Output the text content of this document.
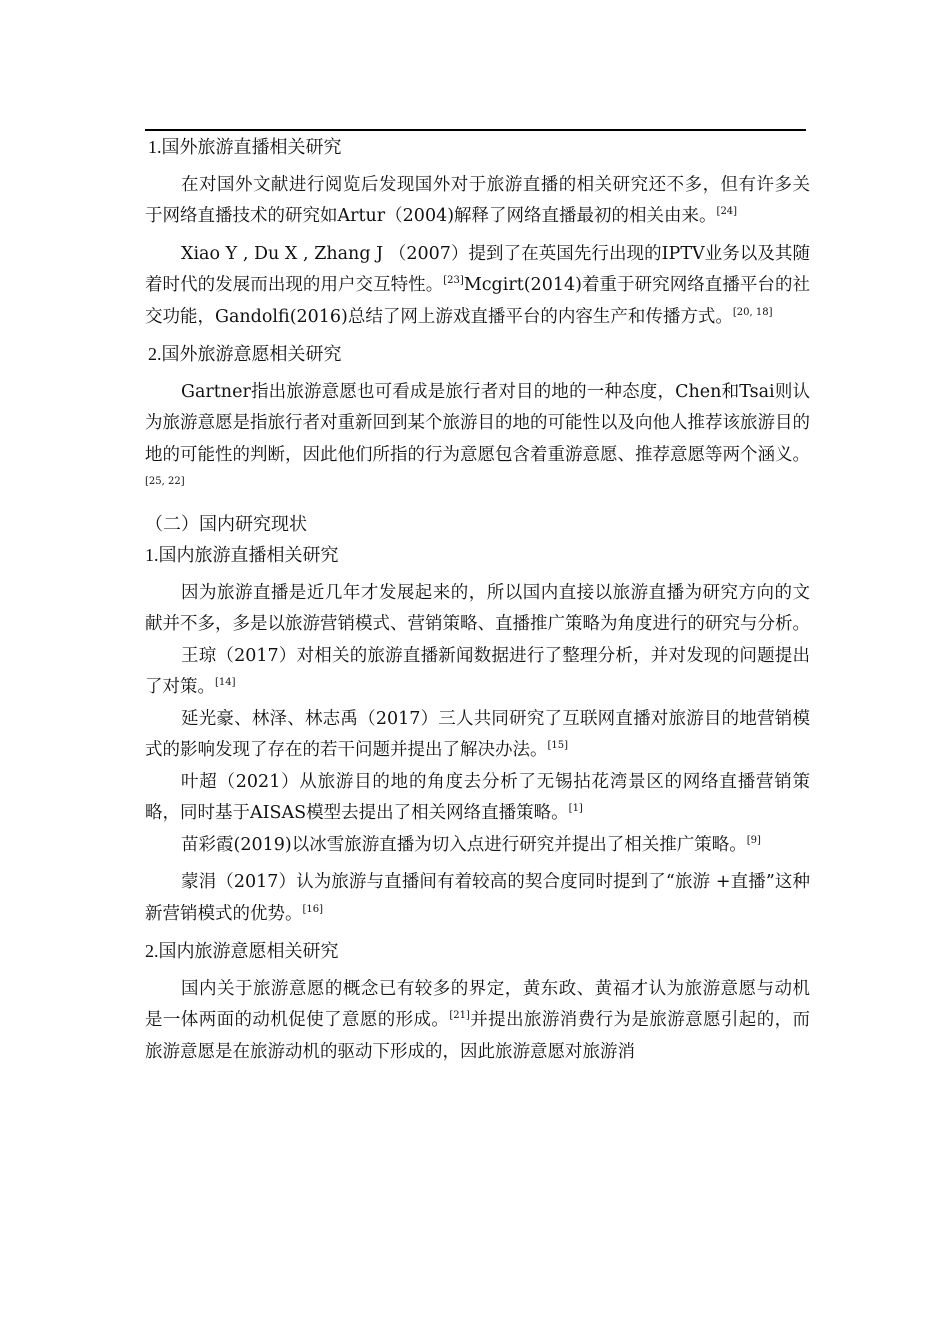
1.国外旅游直播相关研究

在对国外文献进行阅览后发现国外对于旅游直播的相关研究还不多，但有许多关于网络直播技术的研究如Artur（2004)解释了网络直播最初的相关由来。[24]

Xiao Y , Du X , Zhang J （2007）提到了在英国先行出现的IPTV业务以及其随着时代的发展而出现的用户交互特性。[23]Mcgirt(2014)着重于研究网络直播平台的社交功能，Gandolfi(2016)总结了网上游戏直播平台的内容生产和传播方式。[20, 18]

2.国外旅游意愿相关研究

Gartner指出旅游意愿也可看成是旅行者对目的地的一种态度，Chen和Tsai则认为旅游意愿是指旅行者对重新回到某个旅游目的地的可能性以及向他人推荐该旅游目的地的可能性的判断，因此他们所指的行为意愿包含着重游意愿、推荐意愿等两个涵义。[25, 22]

（二）国内研究现状

1.国内旅游直播相关研究

因为旅游直播是近几年才发展起来的，所以国内直接以旅游直播为研究方向的文献并不多，多是以旅游营销模式、营销策略、直播推广策略为角度进行的研究与分析。

王琼（2017）对相关的旅游直播新闻数据进行了整理分析，并对发现的问题提出了对策。[14]

延光豪、林泽、林志禹（2017）三人共同研究了互联网直播对旅游目的地营销模式的影响发现了存在的若干问题并提出了解决办法。[15]

叶超（2021）从旅游目的地的角度去分析了无锡拈花湾景区的网络直播营销策略，同时基于AISAS模型去提出了相关网络直播策略。[1]

苗彩霞(2019)以冰雪旅游直播为切入点进行研究并提出了相关推广策略。[9]

蒙涓（2017）认为旅游与直播间有着较高的契合度同时提到了“旅游 +直播”这种新营销模式的优势。[16]

2.国内旅游意愿相关研究

国内关于旅游意愿的概念已有较多的界定，黄东政、黄福才认为旅游意愿与动机是一体两面的动机促使了意愿的形成。[21]并提出旅游消费行为是旅游意愿引起的，而旅游意愿是在旅游动机的驱动下形成的，因此旅游意愿对旅游消
